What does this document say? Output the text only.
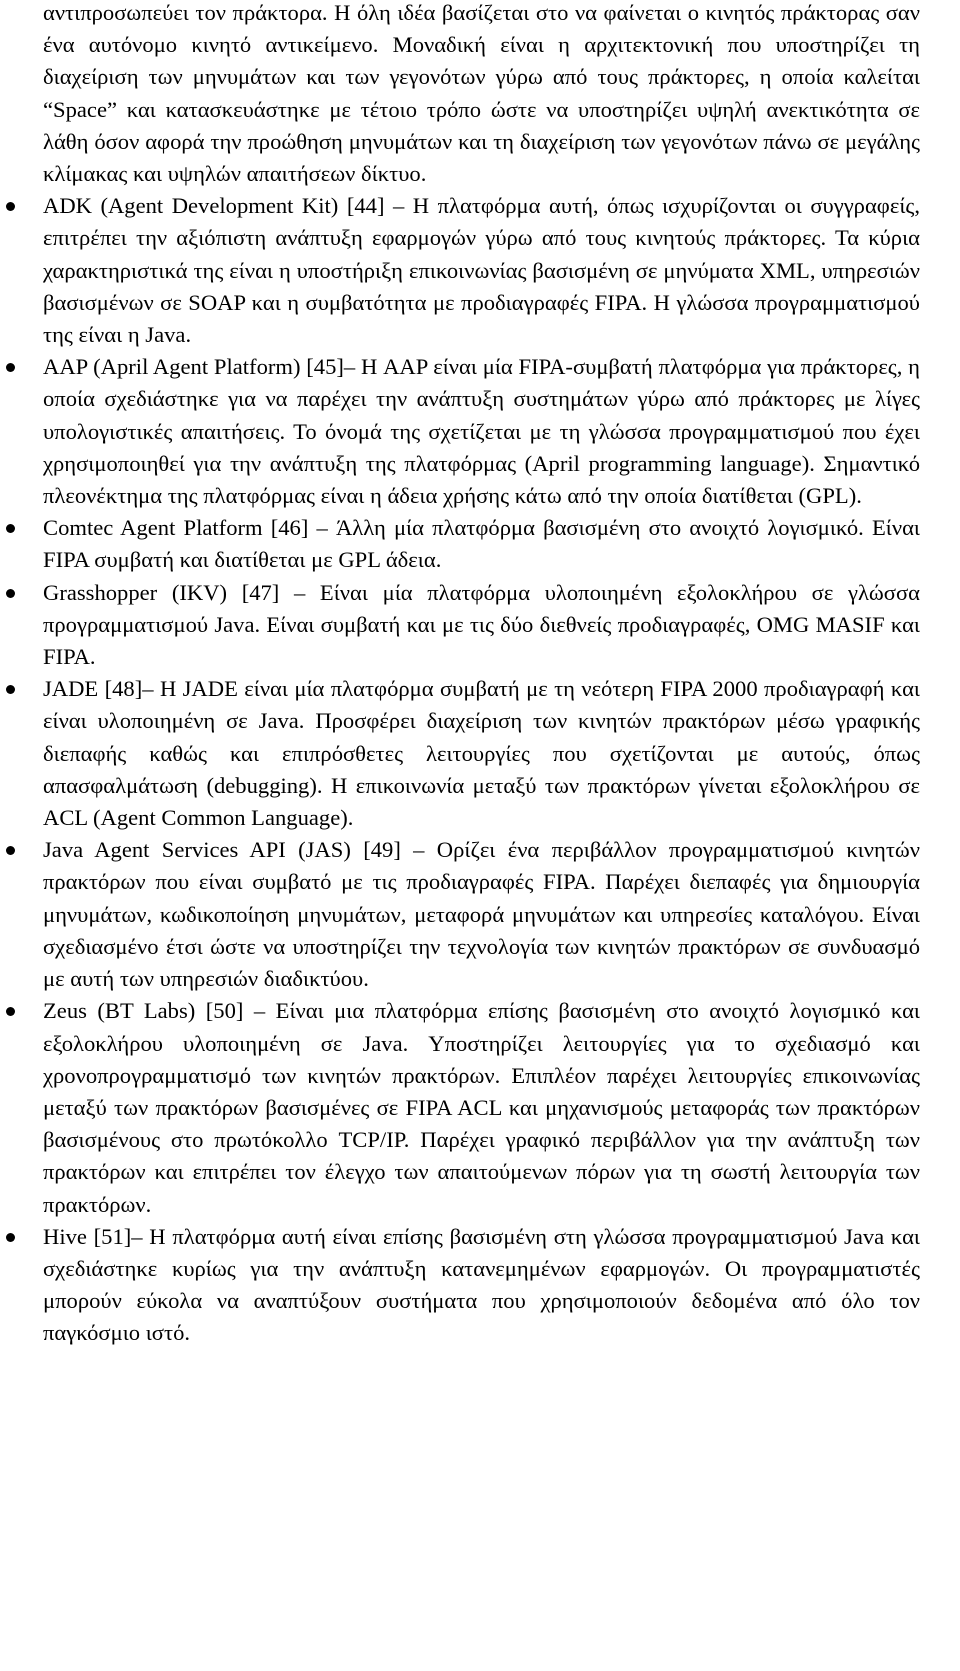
αντιπροσωπεύει τον πράκτορα. Η όλη ιδέα βασίζεται στο να φαίνεται ο κινητός πράκτορας σαν ένα αυτόνομο κινητό αντικείμενο. Μοναδική είναι η αρχιτεκτονική που υποστηρίζει τη διαχείριση των μηνυμάτων και των γεγονότων γύρω από τους πράκτορες, η οποία καλείται “Space” και κατασκευάστηκε με τέτοιο τρόπο ώστε να υποστηρίζει υψηλή ανεκτικότητα σε λάθη όσον αφορά την προώθηση μηνυμάτων και τη διαχείριση των γεγονότων πάνω σε μεγάλης κλίμακας και υψηλών απαιτήσεων δίκτυο.

ADK (Agent Development Kit) [44] – Η πλατφόρμα αυτή, όπως ισχυρίζονται οι συγγραφείς, επιτρέπει την αξιόπιστη ανάπτυξη εφαρμογών γύρω από τους κινητούς πράκτορες. Τα κύρια χαρακτηριστικά της είναι η υποστήριξη επικοινωνίας βασισμένη σε μηνύματα XML, υπηρεσιών βασισμένων σε SOAP και η συμβατότητα με προδιαγραφές FIPA. Η γλώσσα προγραμματισμού της είναι η Java.
AAP (April Agent Platform) [45]– Η AAP είναι μία FIPA-συμβατή πλατφόρμα για πράκτορες, η οποία σχεδιάστηκε για να παρέχει την ανάπτυξη συστημάτων γύρω από πράκτορες με λίγες υπολογιστικές απαιτήσεις. Το όνομά της σχετίζεται με τη γλώσσα προγραμματισμού που έχει χρησιμοποιηθεί για την ανάπτυξη της πλατφόρμας (April programming language). Σημαντικό πλεονέκτημα της πλατφόρμας είναι η άδεια χρήσης κάτω από την οποία διατίθεται (GPL).
Comtec Agent Platform [46] – Άλλη μία πλατφόρμα βασισμένη στο ανοιχτό λογισμικό. Είναι FIPA συμβατή και διατίθεται με GPL άδεια.
Grasshopper (IKV) [47] – Είναι μία πλατφόρμα υλοποιημένη εξολοκλήρου σε γλώσσα προγραμματισμού Java. Είναι συμβατή και με τις δύο διεθνείς προδιαγραφές, OMG MASIF και FIPA.
JADE [48]– Η JADE είναι μία πλατφόρμα συμβατή με τη νεότερη FIPA 2000 προδιαγραφή και είναι υλοποιημένη σε Java. Προσφέρει διαχείριση των κινητών πρακτόρων μέσω γραφικής διεπαφής καθώς και επιπρόσθετες λειτουργίες που σχετίζονται με αυτούς, όπως απασφαλμάτωση (debugging). Η επικοινωνία μεταξύ των πρακτόρων γίνεται εξολοκλήρου σε ACL (Agent Common Language).
Java Agent Services API (JAS) [49] – Ορίζει ένα περιβάλλον προγραμματισμού κινητών πρακτόρων που είναι συμβατό με τις προδιαγραφές FIPA. Παρέχει διεπαφές για δημιουργία μηνυμάτων, κωδικοποίηση μηνυμάτων, μεταφορά μηνυμάτων και υπηρεσίες καταλόγου. Είναι σχεδιασμένο έτσι ώστε να υποστηρίζει την τεχνολογία των κινητών πρακτόρων σε συνδυασμό με αυτή των υπηρεσιών διαδικτύου.
Zeus (BT Labs) [50] – Είναι μια πλατφόρμα επίσης βασισμένη στο ανοιχτό λογισμικό και εξολοκλήρου υλοποιημένη σε Java. Υποστηρίζει λειτουργίες για το σχεδιασμό και χρονοπρογραμματισμό των κινητών πρακτόρων. Επιπλέον παρέχει λειτουργίες επικοινωνίας μεταξύ των πρακτόρων βασισμένες σε FIPA ACL και μηχανισμούς μεταφοράς των πρακτόρων βασισμένους στο πρωτόκολλο TCP/IP. Παρέχει γραφικό περιβάλλον για την ανάπτυξη των πρακτόρων και επιτρέπει τον έλεγχο των απαιτούμενων πόρων για τη σωστή λειτουργία των πρακτόρων.
Hive [51]– Η πλατφόρμα αυτή είναι επίσης βασισμένη στη γλώσσα προγραμματισμού Java και σχεδιάστηκε κυρίως για την ανάπτυξη κατανεμημένων εφαρμογών. Οι προγραμματιστές μπορούν εύκολα να αναπτύξουν συστήματα που χρησιμοποιούν δεδομένα από όλο τον παγκόσμιο ιστό.
